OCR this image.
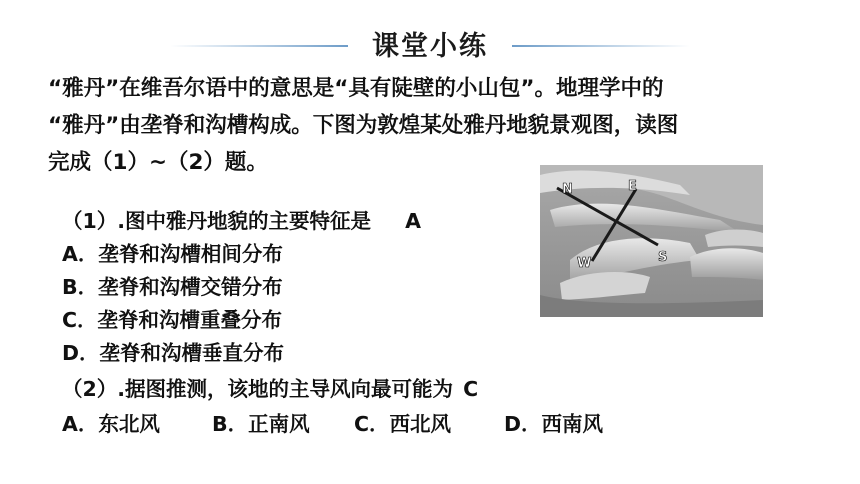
课堂小练
“雅丹”在维吾尔语中的意思是“具有陡壁的小山包”。地理学中的
“雅丹”由垄脊和沟槽构成。下图为敦煌某处雅丹地貌景观图，读图
完成（1）~（2）题。
（1）.图中雅丹地貌的主要特征是 A
A．垄脊和沟槽相间分布
B．垄脊和沟槽交错分布
C．垄脊和沟槽重叠分布
D．垄脊和沟槽垂直分布
（2）.据图推测，该地的主导风向最可能为 C
A．东北风	B．正南风 C．西北风	D．西南风
N	E
S
W
